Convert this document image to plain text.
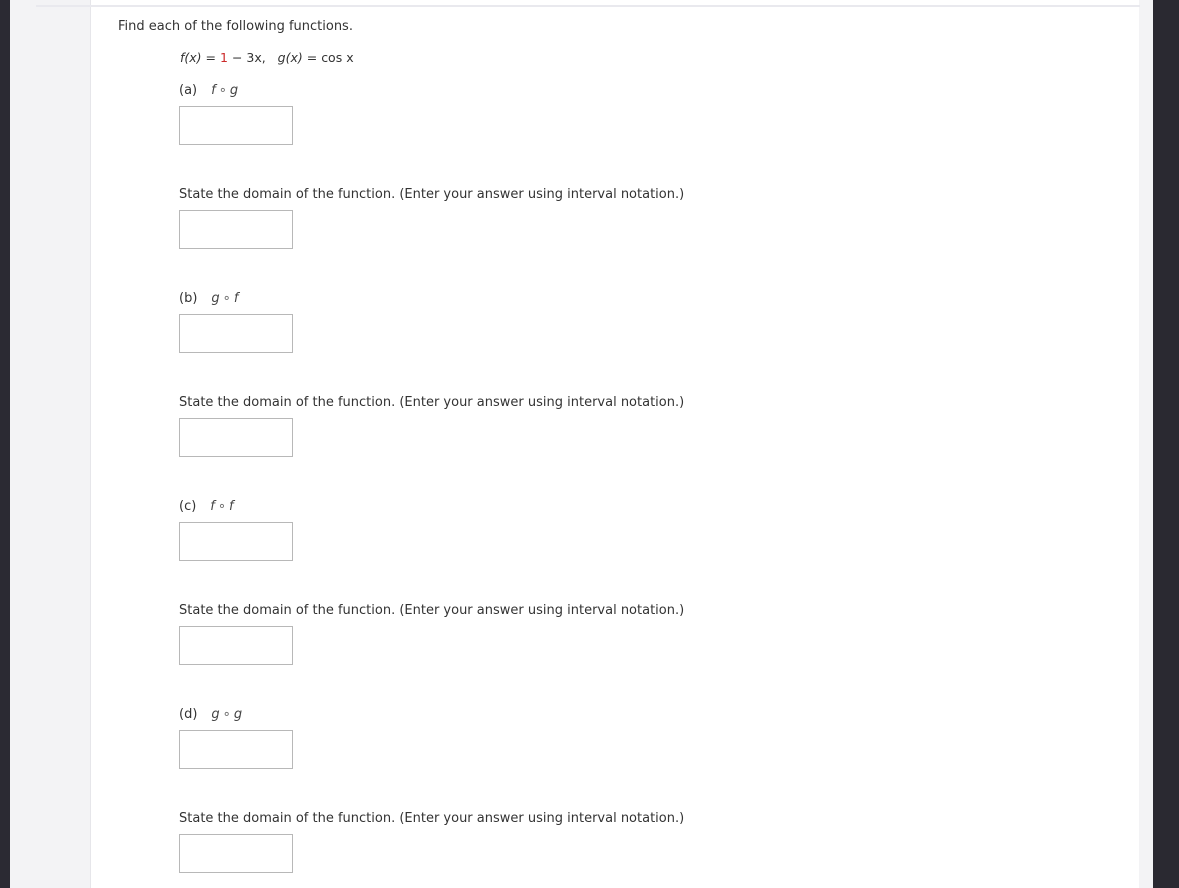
Find each of the following functions.
f(x) = 1 − 3x, g(x) = cos x
(a) f ∘ g
State the domain of the function. (Enter your answer using interval notation.)
(b) g ∘ f
State the domain of the function. (Enter your answer using interval notation.)
(c) f ∘ f
State the domain of the function. (Enter your answer using interval notation.)
(d) g ∘ g
State the domain of the function. (Enter your answer using interval notation.)
